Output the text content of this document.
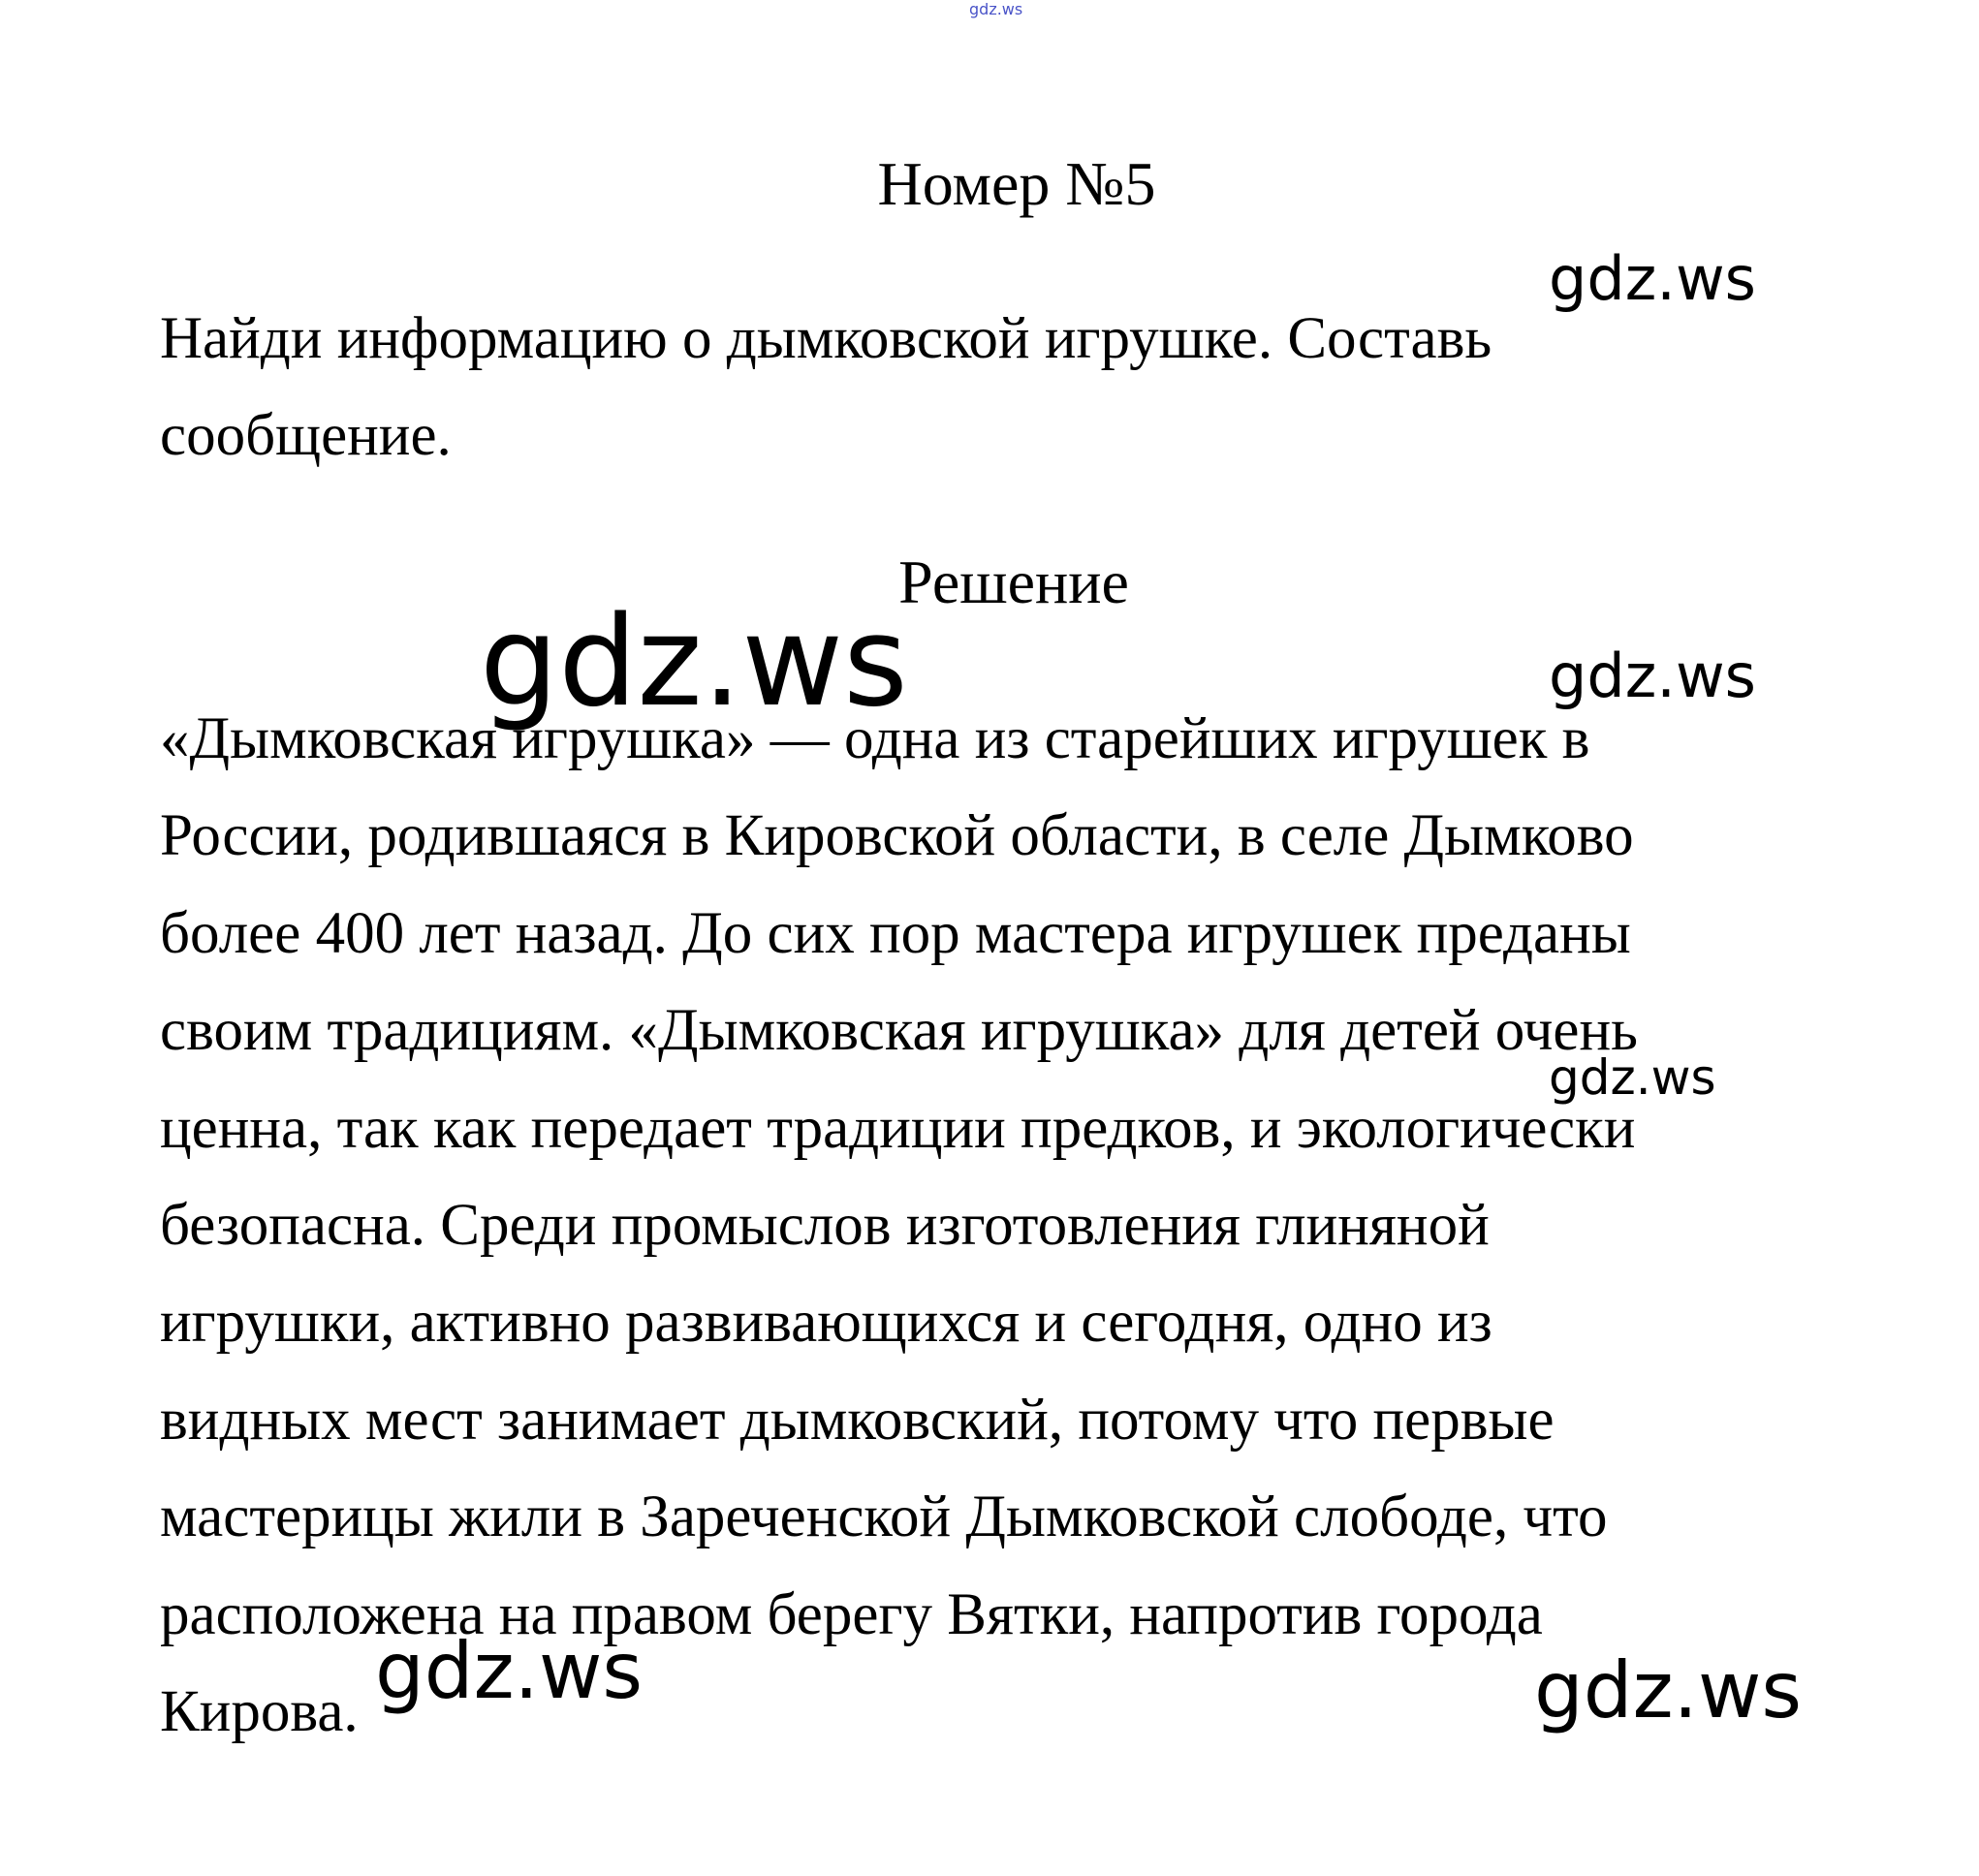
gdz.ws
Номер №5

Найди информацию о дымковской игрушке. Составь
сообщение.

Решение

«Дымковская игрушка» — одна из старейших игрушек в
России, родившаяся в Кировской области, в селе Дымково
более 400 лет назад. До сих пор мастера игрушек преданы
своим традициям. «Дымковская игрушка» для детей очень
ценна, так как передает традиции предков, и экологически
безопасна. Среди промыслов изготовления глиняной
игрушки, активно развивающихся и сегодня, одно из
видных мест занимает дымковский, потому что первые
мастерицы жили в Зареченской Дымковской слободе, что
расположена на правом берегу Вятки, напротив города
Кирова.

gdz.ws
gdz.ws	gdz.ws
gdz.ws
gdz.ws	gdz.ws
